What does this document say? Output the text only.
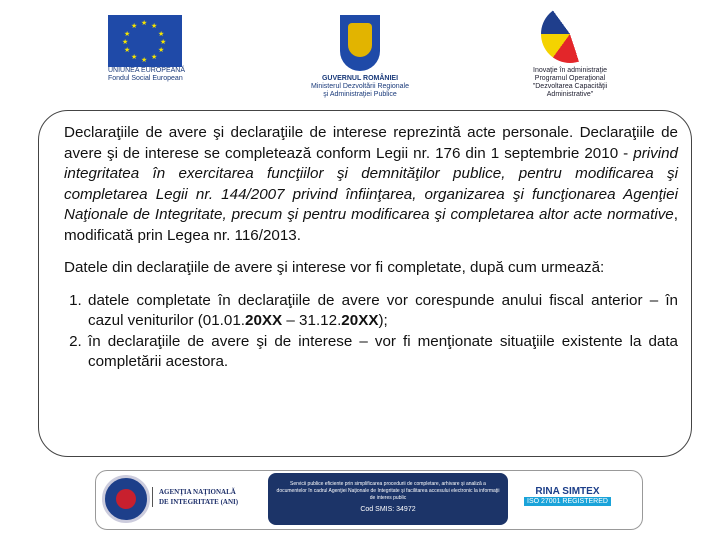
★ ★
★
★
★
★
★
★
★
★
★
★
UNIUNEA EUROPEANĂ
Fondul Social European	GUVERNUL ROMÂNIEI
Ministerul Dezvoltării Regionale
şi Administraţiei Publice
Inovaţie în administraţie
Programul Operaţional
"Dezvoltarea Capacităţii
Administrative"

Declaraţiile de avere şi declaraţiile de interese reprezintă acte personale. Declaraţiile de avere şi de interese se completează conform Legii nr. 176 din 1 septembrie 2010 - privind integritatea în exercitarea funcţiilor şi demnităţilor publice, pentru modificarea şi completarea Legii nr. 144/2007 privind înfiinţarea, organizarea şi funcţionarea Agenţiei Naţionale de Integritate, precum şi pentru modificarea şi completarea altor acte normative, modificată prin Legea nr. 116/2013.

Datele din declaraţiile de avere şi interese vor fi completate, după cum urmează:

1. datele completate în declaraţiile de avere vor corespunde anului fiscal anterior – în cazul veniturilor (01.01.20XX – 31.12.20XX);
2. în declaraţiile de avere şi de interese – vor fi menţionate situaţiile existente la data completării acestora.
AGENŢIA NAŢIONALĂ
DE INTEGRITATE (ANI)
Servicii publice eficiente prin simplificarea procedurii de completare, arhivare şi analiză a documentelor în cadrul Agenţiei Naţionale de Integritate şi facilitarea accesului electronic la informaţii de interes public
Cod SMIS: 34972
RINA SIMTEX
ISO 27001 REGISTERED
